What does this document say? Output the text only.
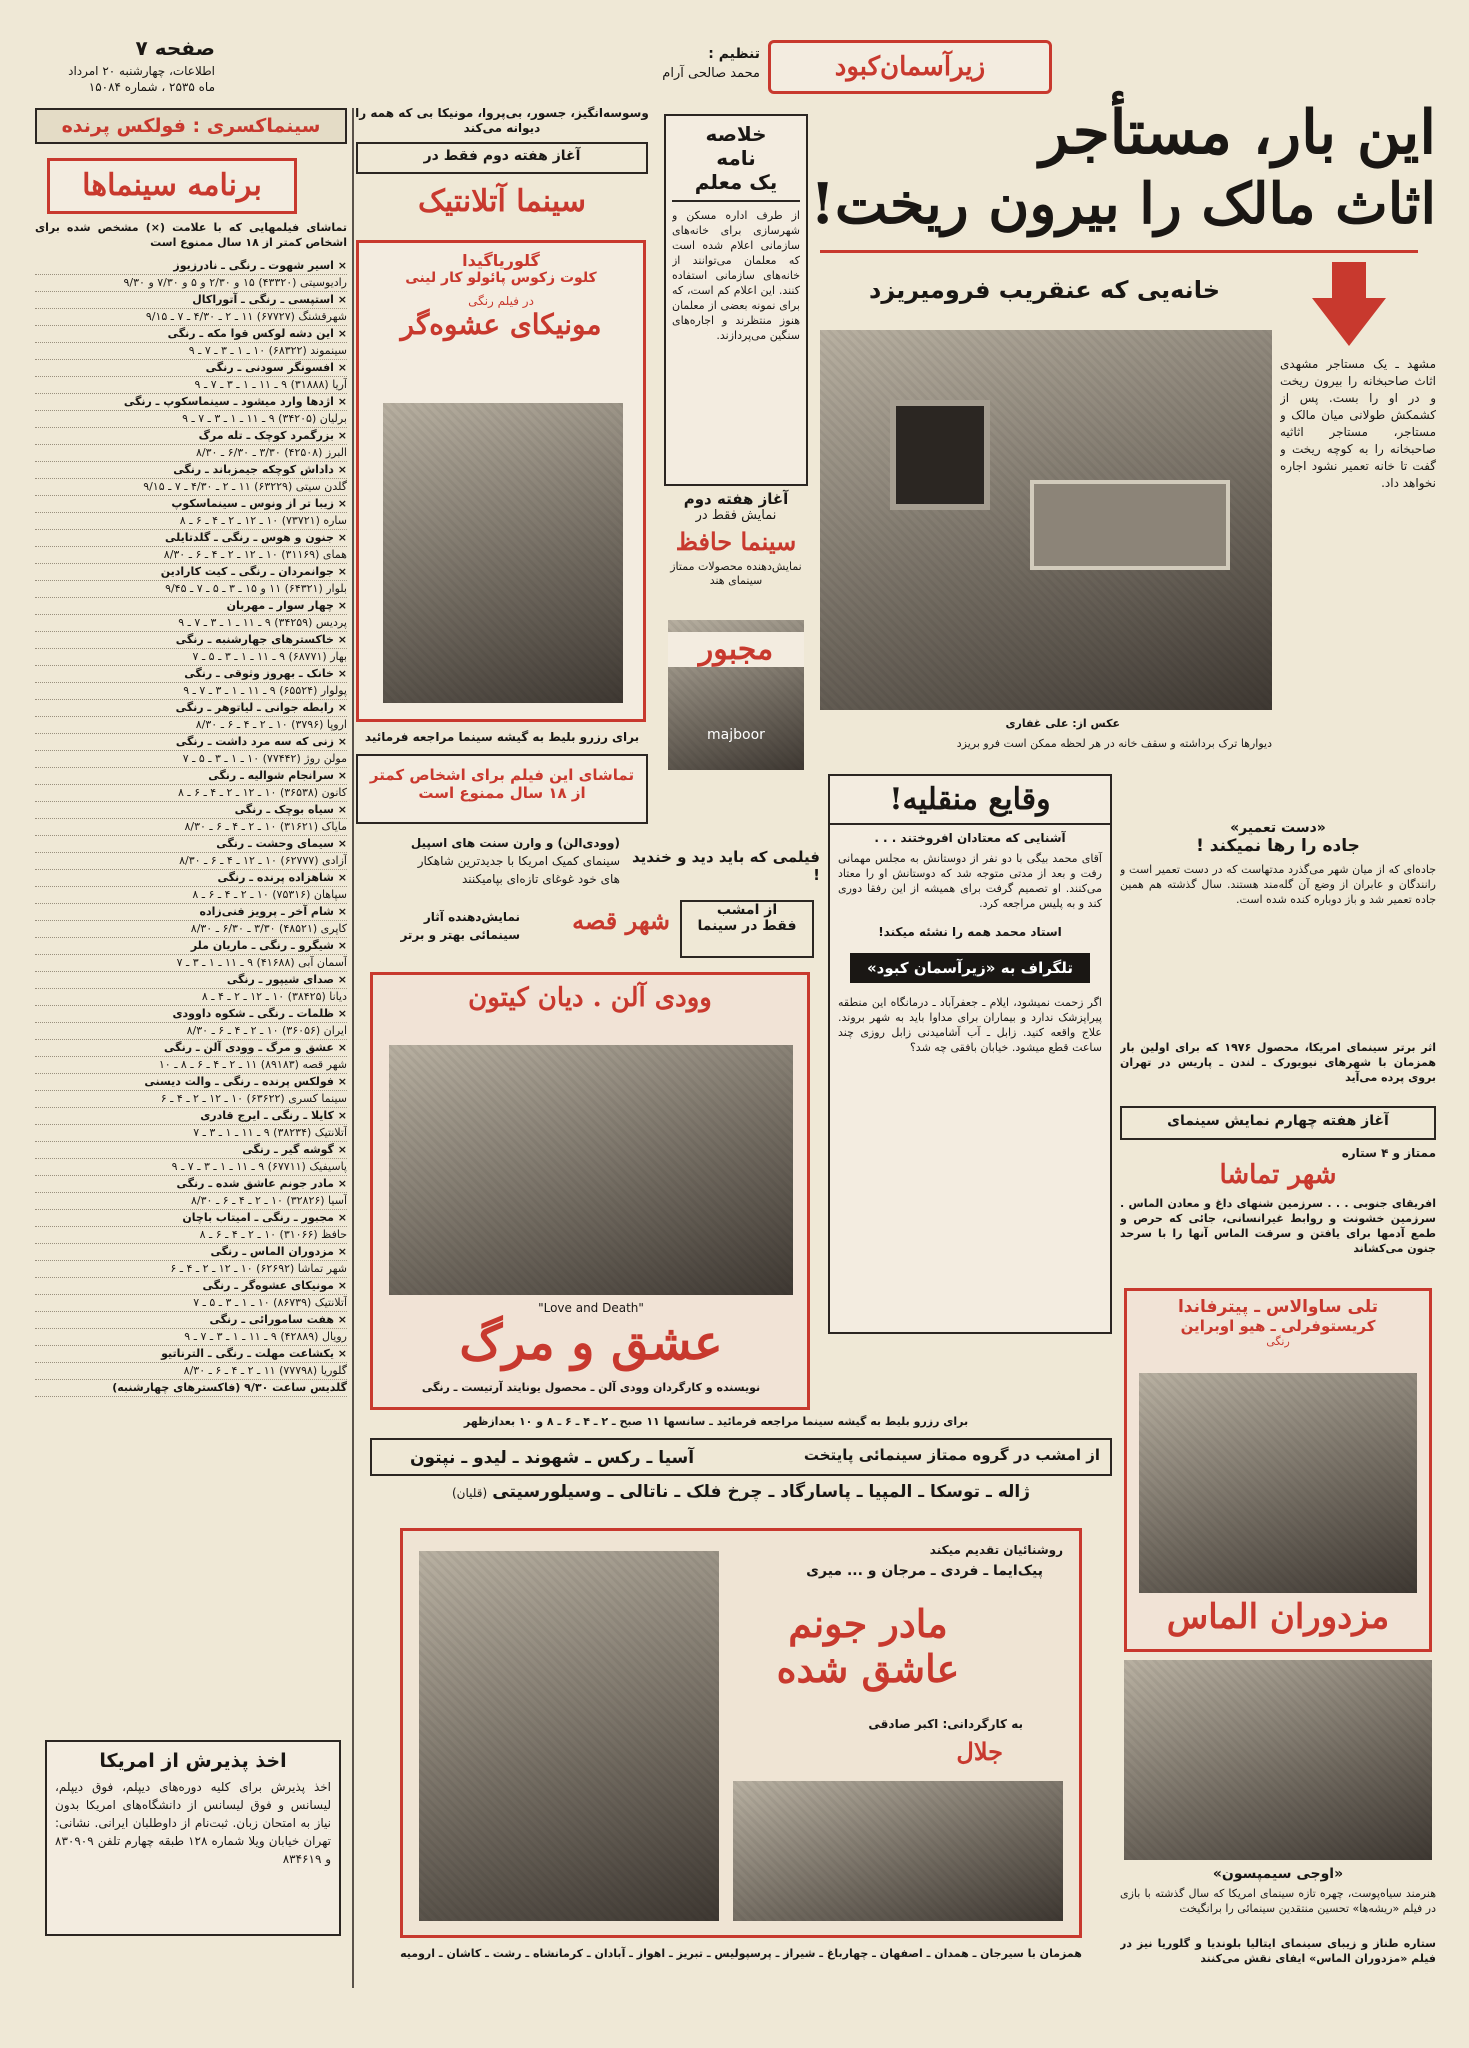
سینماکسری : فولکس پرنده
برنامه سینماها
تماشای فیلمهایی که با علامت (×) مشخص شده برای اشخاص کمتر از ۱۸ سال ممنوع است
× اسیر شهوت ـ رنگی ـ نادرزیوز
رادیوسیتی (۴۳۳۲۰) ۱۵ و ۲/۳۰ و ۵ و ۷/۳۰ و ۹/۳۰
× استپسی ـ رنگی ـ آتوراکال
شهرقشنگ (۶۷۷۲۷) ۱۱ ـ ۲ ـ ۴/۳۰ ـ ۷ ـ ۹/۱۵
× این دشه لوکس قوا مکه ـ رنگی
سینموند (۶۸۳۲۲) ۱۰ ـ ۱ ـ ۳ ـ ۷ ـ ۹
× افسونگر سودنی ـ رنگی
آریا (۳۱۸۸۸) ۹ ـ ۱۱ ـ ۱ ـ ۳ ـ ۷ ـ ۹
× اژدها وارد میشود ـ سینماسکوپ ـ رنگی
برلیان (۳۴۲۰۵) ۹ ـ ۱۱ ـ ۱ ـ ۳ ـ ۷ ـ ۹
× بزرگمرد کوچک ـ تله مرگ
البرز (۴۲۵۰۸) ۳/۳۰ ـ ۶/۳۰ ـ ۸/۳۰
× داداش کوچکه جیمزباند ـ رنگی
گلدن سیتی (۶۳۲۲۹) ۱۱ ـ ۲ ـ ۴/۳۰ ـ ۷ ـ ۹/۱۵
× زیبا تر از ونوس ـ سینماسکوپ
ساره (۷۳۷۲۱) ۱۰ ـ ۱۲ ـ ۲ ـ ۴ ـ ۶ ـ ۸
× جنون و هوس ـ رنگی ـ گلدتایلی
همای (۳۱۱۶۹) ۱۰ ـ ۱۲ ـ ۲ ـ ۴ ـ ۶ ـ ۸/۳۰
× جوانمردان ـ رنگی ـ کیت کارادین
بلوار (۶۴۳۲۱) ۱۱ و ۱۵ ـ ۳ ـ ۵ ـ ۷ ـ ۹/۴۵
× چهار سوار ـ مهربان
پردیس (۳۴۲۵۹) ۹ ـ ۱۱ ـ ۱ ـ ۳ ـ ۷ ـ ۹
× خاکسترهای جهارشنبه ـ رنگی
بهار (۶۸۷۷۱) ۹ ـ ۱۱ ـ ۱ ـ ۳ ـ ۵ ـ ۷
× خانک ـ بهروز وثوقی ـ رنگی
پولوار (۶۵۵۲۴) ۹ ـ ۱۱ ـ ۱ ـ ۳ ـ ۷ ـ ۹
× رابطه جوانی ـ لیاتوهر ـ رنگی
اروپا (۳۷۹۶) ۱۰ ـ ۲ ـ ۴ ـ ۶ ـ ۸/۳۰
× زنی که سه مرد داشت ـ رنگی
مولن روژ (۷۷۴۴۲) ۱۰ ـ ۱ ـ ۳ ـ ۵ ـ ۷
× سرانجام شوالیه ـ رنگی
کانون (۳۶۵۳۸) ۱۰ ـ ۱۲ ـ ۲ ـ ۴ ـ ۶ ـ ۸
× سیاه بوچک ـ رنگی
مایاک (۳۱۶۲۱) ۱۰ ـ ۲ ـ ۴ ـ ۶ ـ ۸/۳۰
× سیمای وحشت ـ رنگی
آزادی (۶۲۷۷۷) ۱۰ ـ ۱۲ ـ ۴ ـ ۶ ـ ۸/۳۰
× شاهزاده پرنده ـ رنگی
سپاهان (۷۵۳۱۶) ۱۰ ـ ۲ ـ ۴ ـ ۶ ـ ۸
× شام آخر ـ پرویز فنی‌زاده
کاپری (۴۸۵۲۱) ۳/۳۰ ـ ۶/۳۰ ـ ۸/۳۰
× شیگرو ـ رنگی ـ ماریان ملر
آسمان آبی (۴۱۶۸۸) ۹ ـ ۱۱ ـ ۱ ـ ۳ ـ ۷
× صدای شیپور ـ رنگی
دیانا (۳۸۴۲۵) ۱۰ ـ ۱۲ ـ ۲ ـ ۴ ـ ۸
× ظلمات ـ رنگی ـ شکوه داوودی
ایران (۳۶۰۵۶) ۱۰ ـ ۲ ـ ۴ ـ ۶ ـ ۸/۳۰
× عشق و مرگ ـ وودی آلن ـ رنگی
شهر قصه (۸۹۱۸۳) ۱۱ ـ ۲ ـ ۴ ـ ۶ ـ ۸ ـ ۱۰
× فولکس پرنده ـ رنگی ـ والت دیسنی
سینما کسری (۶۳۶۲۲) ۱۰ ـ ۱۲ ـ ۲ ـ ۴ ـ ۶
× کایلا ـ رنگی ـ ایرج قادری
آتلانتیک (۳۸۲۳۴) ۹ ـ ۱۱ ـ ۱ ـ ۳ ـ ۷
× گوشه گیر ـ رنگی
پاسیفیک (۶۷۷۱۱) ۹ ـ ۱۱ ـ ۱ ـ ۳ ـ ۷ ـ ۹
× مادر جونم عاشق شده ـ رنگی
آسیا (۳۲۸۲۶) ۱۰ ـ ۲ ـ ۴ ـ ۶ ـ ۸/۳۰
× مجبور ـ رنگی ـ امیتاب باچان
حافظ (۳۱۰۶۶) ۱۰ ـ ۲ ـ ۴ ـ ۶ ـ ۸
× مزدوران الماس ـ رنگی
شهر تماشا (۶۲۶۹۲) ۱۰ ـ ۱۲ ـ ۲ ـ ۴ ـ ۶
× مونیکای عشوه‌گر ـ رنگی
آتلانتیک (۸۶۷۳۹) ۱۰ ـ ۱ ـ ۳ ـ ۵ ـ ۷
× هفت سامورائی ـ رنگی
رویال (۴۲۸۸۹) ۹ ـ ۱۱ ـ ۱ ـ ۳ ـ ۷ ـ ۹
× یکشاعت مهلت ـ رنگی ـ الترناتیو
گلوریا (۷۷۷۹۸) ۱۱ ـ ۲ ـ ۴ ـ ۶ ـ ۸/۳۰
گلدیس ساعت ۹/۳۰ (فاکسترهای چهارشنبه)
اخذ پذیرش از امریکا
اخذ پذیرش برای کلیه دوره‌های دیپلم، فوق دیپلم، لیسانس و فوق لیسانس از دانشگاه‌های امریکا بدون نیاز به امتحان زبان. ثبت‌نام از داوطلبان ایرانی. نشانی: تهران خیابان ویلا شماره ۱۲۸ طبقه چهارم تلفن ۸۳۰۹۰۹ و ۸۳۴۶۱۹
صفحه ۷
اطلاعات، چهارشنبه ۲۰ امرداد
ماه ۲۵۳۵ ، شماره ۱۵۰۸۴
تنظیم :
محمد صالحی آرام	زیرآسمان‌کبود
این بار، مستأجر
اثاث مالک را بیرون ریخت!
خانه‌یی که عنقریب فرومیریزد
عکس از: علی غفاری
دیوارها ترک برداشته و سقف خانه در هر لحظه ممکن است فرو بریزد
مشهد ـ یک مستاجر مشهدی اثاث صاحبخانه را بیرون ریخت و در او را بست. پس از کشمکش طولانی میان مالک و مستاجر، مستاجر اثاثیه صاحبخانه را به کوچه ریخت و گفت تا خانه تعمیر نشود اجاره نخواهد داد.
خلاصه
نامه
یک معلم
از طرف اداره مسکن و شهرسازی برای خانه‌های سازمانی اعلام شده است که معلمان می‌توانند از خانه‌های سازمانی استفاده کنند. این اعلام کم است، که برای نمونه بعضی از معلمان هنوز منتظرند و اجاره‌های سنگین می‌پردازند.
آغاز هفته دوم
نمایش فقط در
سینما حافظ
نمایش‌دهنده محصولات ممتاز سینمای هند
مجبور
majboor
وسوسه‌انگیز، جسور، بی‌پروا، مونیکا بی که همه را دیوانه می‌کند
آغاز هفته دوم فقط در
سینما آتلانتیک
گلوریاگیدا
کلوت زکوس پائولو کار لینی
در فیلم رنگی
مونیکای عشوه‌گر
برای رزرو بلیط به گیشه سینما مراجعه فرمائید
تماشای این فیلم برای اشخاص کمتر
از ۱۸ سال ممنوع است
(وودی‌الن) و وارن سنت های اسپیل
سینمای کمیک امریکا با جدیدترین شاهکار
های خود غوغای تازه‌ای بپامیکنند
فیلمی که باید دید و خندید !
از امشب
فقط در سینما
شهر قصه
نمایش‌دهنده آثار
سینمائی بهتر و برتر
وودی آلن . دیان کیتون
"Love and Death"
عشق و مرگ
نویسنده و کارگردان وودی آلن ـ محصول یونایتد آرتیست ـ رنگی
برای رزرو بلیط به گیشه سینما مراجعه فرمائید ـ سانسها ۱۱ صبح ـ ۲ ـ ۴ ـ ۶ ـ ۸ و ۱۰ بعدازظهر
وقایع منقلیه!
آشنایی که معتادان افروختند . . .
آقای محمد بیگی با دو نفر از دوستانش به مجلس مهمانی رفت و بعد از مدتی متوجه شد که دوستانش او را معتاد می‌کنند. او تصمیم گرفت برای همیشه از این رفقا دوری کند و به پلیس مراجعه کرد.
استاد محمد همه را نشئه میکند!
تلگراف به «زیرآسمان کبود»
اگر زحمت نمیشود، ایلام ـ جعفرآباد ـ درمانگاه این منطقه پیراپزشک ندارد و بیماران برای مداوا باید به شهر بروند. علاج واقعه کنید. زابل ـ آب آشامیدنی زابل روزی چند ساعت قطع میشود. خیابان بافقی چه شد؟
«دست تعمیر»
جاده را رها نمیکند !
جاده‌ای که از میان شهر می‌گذرد مدتهاست که در دست تعمیر است و رانندگان و عابران از وضع آن گله‌مند هستند. سال گذشته هم همین جاده تعمیر شد و باز دوباره کنده شده است.
اثر برتر سینمای امریکا، محصول ۱۹۷۶ که برای اولین بار همزمان با شهرهای نیویورک ـ لندن ـ پاریس در تهران بروی پرده می‌آید
آغاز هفته چهارم نمایش سینمای
ممتاز و ۴ ستاره
شهر تماشا
افریقای جنوبی . . . سرزمین شنهای داغ و معادن الماس . سرزمین خشونت و روابط غیرانسانی، جائی که حرص و طمع آدمها برای یافتن و سرقت الماس آنها را با سرحد جنون می‌کشاند
تلی ساوالاس ـ پیترفاندا
کریستوفرلی ـ هیو اوبراین
رنگی
مزدوران الماس
«اوجی سیمپسون»
هنرمند سیاه‌پوست، چهره تازه سینمای امریکا که سال گذشته با بازی در فیلم «ریشه‌ها» تحسین منتقدین سینمائی را برانگیخت
ستاره طناز و زیبای سینمای ایتالیا بلوندیا و گلوریا نیز در فیلم «مزدوران الماس» ایفای نقش می‌کنند
از امشب در گروه ممتاز سینمائی پایتخت
آسیا ـ رکس ـ شهوند ـ لیدو ـ نپتون
ژاله ـ توسکا ـ المپیا ـ پاسارگاد ـ چرخ فلک ـ ناتالی ـ وسیلورسیتی (قلیان)
روشنائیان تقدیم میکند
پیک‌ایما ـ فردی ـ مرجان و ... میری
مادر جونم
عاشق شده
به کارگردانی: اکبر صادقی
جلال
همزمان با سیرجان ـ همدان ـ اصفهان ـ چهارباغ ـ شیراز ـ پرسپولیس ـ تبریز ـ اهواز ـ آبادان ـ کرمانشاه ـ رشت ـ کاشان ـ ارومیه
